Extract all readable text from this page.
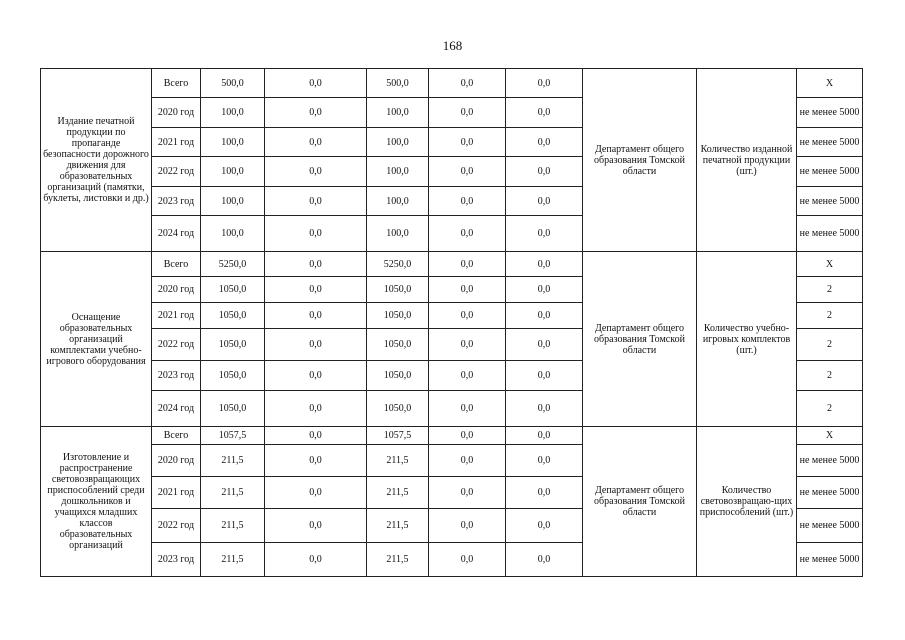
168
Издание печатной продукции по пропаганде безопасности дорожного движения для образовательных организаций (памятки, буклеты, листовки и др.)	Всего	500,0	0,0	500,0	0,0	0,0	Департамент общего образования Томской области	Количество изданной печатной продукции (шт.)	Х
	2020 год	100,0	0,0	100,0	0,0	0,0			не менее 5000
	2021 год	100,0	0,0	100,0	0,0	0,0			не менее 5000
	2022 год	100,0	0,0	100,0	0,0	0,0			не менее 5000
	2023 год	100,0	0,0	100,0	0,0	0,0			не менее 5000
	2024 год	100,0	0,0	100,0	0,0	0,0			не менее 5000
Оснащение образовательных организаций комплектами учебно-игрового оборудования	Всего	5250,0	0,0	5250,0	0,0	0,0	Департамент общего образования Томской области	Количество учебно-игровых комплектов (шт.)	Х
	2020 год	1050,0	0,0	1050,0	0,0	0,0			2
	2021 год	1050,0	0,0	1050,0	0,0	0,0			2
	2022 год	1050,0	0,0	1050,0	0,0	0,0			2
	2023 год	1050,0	0,0	1050,0	0,0	0,0			2
	2024 год	1050,0	0,0	1050,0	0,0	0,0			2
Изготовление и распространение световозвращающих приспособлений среди дошкольников и учащихся младших классов образовательных организаций	Всего	1057,5	0,0	1057,5	0,0	0,0	Департамент общего образования Томской области	Количество световозвращаю-щих приспособлений (шт.)	Х
	2020 год	211,5	0,0	211,5	0,0	0,0			не менее 5000
	2021 год	211,5	0,0	211,5	0,0	0,0			не менее 5000
	2022 год	211,5	0,0	211,5	0,0	0,0			не менее 5000
	2023 год	211,5	0,0	211,5	0,0	0,0			не менее 5000
